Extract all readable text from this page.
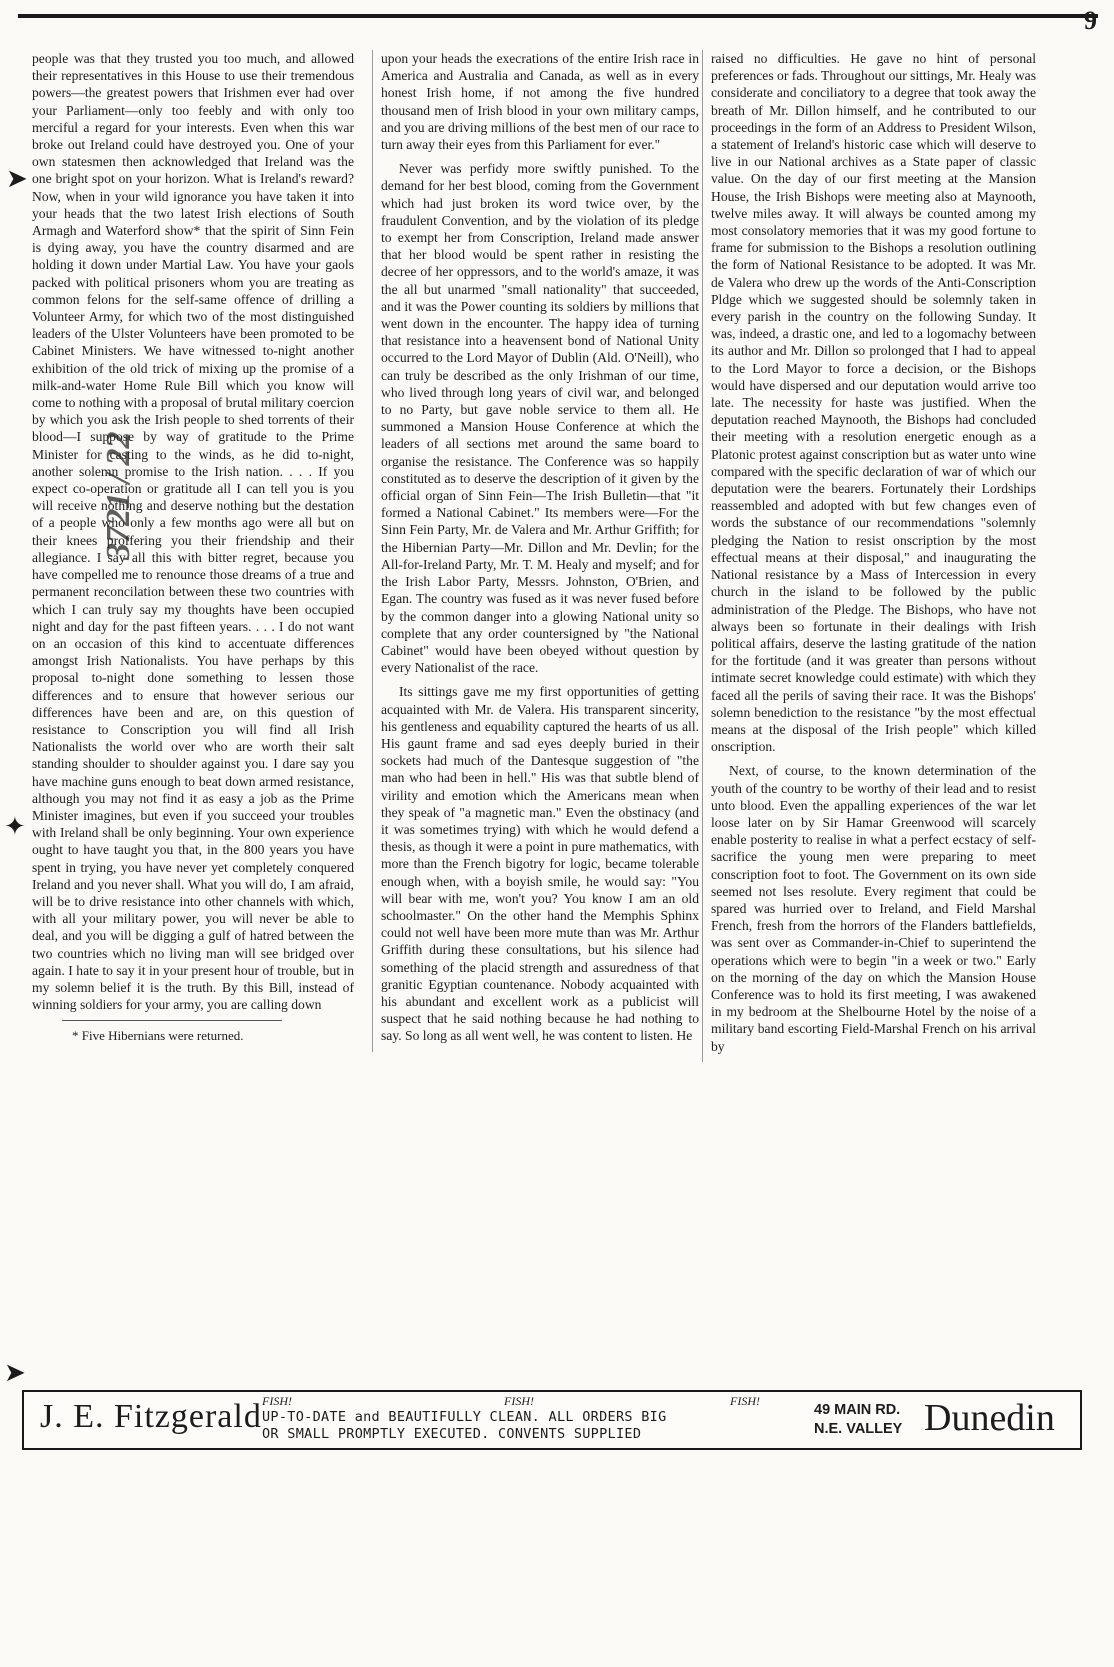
9

people was that they trusted you too much, and allowed their representatives in this House to use their tremendous powers—the greatest powers that Irishmen ever had over your Parliament—only too feebly and with only too merciful a regard for your interests. Even when this war broke out Ireland could have destroyed you. One of your own statesmen then acknowledged that Ireland was the one bright spot on your horizon. What is Ireland's reward? Now, when in your wild ignorance you have taken it into your heads that the two latest Irish elections of South Armagh and Waterford show* that the spirit of Sinn Fein is dying away, you have the country disarmed and are holding it down under Martial Law. You have your gaols packed with political prisoners whom you are treating as common felons for the self-same offence of drilling a Volunteer Army, for which two of the most distinguished leaders of the Ulster Volunteers have been promoted to be Cabinet Ministers. We have witnessed to-night another exhibition of the old trick of mixing up the promise of a milk-and-water Home Rule Bill which you know will come to nothing with a proposal of brutal military coercion by which you ask the Irish people to shed torrents of their blood—I suppose by way of gratitude to the Prime Minister for casting to the winds, as he did to-night, another solemn promise to the Irish nation. . . . If you expect co-operation or gratitude all I can tell you is you will receive nothing and deserve nothing but the destation of a people who only a few months ago were all but on their knees proffering you their friendship and their allegiance. I say all this with bitter regret, because you have compelled me to renounce those dreams of a true and permanent reconcilation between these two countries with which I can truly say my thoughts have been occupied night and day for the past fifteen years. . . . I do not want on an occasion of this kind to accentuate differences amongst Irish Nationalists. You have perhaps by this proposal to-night done something to lessen those differences and to ensure that however serious our differences have been and are, on this question of resistance to Conscription you will find all Irish Nationalists the world over who are worth their salt standing shoulder to shoulder against you. I dare say you have machine guns enough to beat down armed resistance, although you may not find it as easy a job as the Prime Minister imagines, but even if you succeed your troubles with Ireland shall be only beginning. Your own experience ought to have taught you that, in the 800 years you have spent in trying, you have never yet completely conquered Ireland and you never shall. What you will do, I am afraid, will be to drive resistance into other channels with which, with all your military power, you will never be able to deal, and you will be digging a gulf of hatred between the two countries which no living man will see bridged over again. I hate to say it in your present hour of trouble, but in my solemn belief it is the truth. By this Bill, instead of winning soldiers for your army, you are calling down

* Five Hibernians were returned.

upon your heads the execrations of the entire Irish race in America and Australia and Canada, as well as in every honest Irish home, if not among the five hundred thousand men of Irish blood in your own military camps, and you are driving millions of the best men of our race to turn away their eyes from this Parliament for ever."

Never was perfidy more swiftly punished. To the demand for her best blood, coming from the Government which had just broken its word twice over, by the fraudulent Convention, and by the violation of its pledge to exempt her from Conscription, Ireland made answer that her blood would be spent rather in resisting the decree of her oppressors, and to the world's amaze, it was the all but unarmed "small nationality" that succeeded, and it was the Power counting its soldiers by millions that went down in the encounter. The happy idea of turning that resistance into a heavensent bond of National Unity occurred to the Lord Mayor of Dublin (Ald. O'Neill), who can truly be described as the only Irishman of our time, who lived through long years of civil war, and belonged to no Party, but gave noble service to them all. He summoned a Mansion House Conference at which the leaders of all sections met around the same board to organise the resistance. The Conference was so happily constituted as to deserve the description of it given by the official organ of Sinn Fein—The Irish Bulletin—that "it formed a National Cabinet." Its members were—For the Sinn Fein Party, Mr. de Valera and Mr. Arthur Griffith; for the Hibernian Party—Mr. Dillon and Mr. Devlin; for the All-for-Ireland Party, Mr. T. M. Healy and myself; and for the Irish Labor Party, Messrs. Johnston, O'Brien, and Egan. The country was fused as it was never fused before by the common danger into a glowing National unity so complete that any order countersigned by "the National Cabinet" would have been obeyed without question by every Nationalist of the race.

Its sittings gave me my first opportunities of getting acquainted with Mr. de Valera. His transparent sincerity, his gentleness and equability captured the hearts of us all. His gaunt frame and sad eyes deeply buried in their sockets had much of the Dantesque suggestion of "the man who had been in hell." His was that subtle blend of virility and emotion which the Americans mean when they speak of "a magnetic man." Even the obstinacy (and it was sometimes trying) with which he would defend a thesis, as though it were a point in pure mathematics, with more than the French bigotry for logic, became tolerable enough when, with a boyish smile, he would say: "You will bear with me, won't you? You know I am an old schoolmaster." On the other hand the Memphis Sphinx could not well have been more mute than was Mr. Arthur Griffith during these consultations, but his silence had something of the placid strength and assuredness of that granitic Egyptian countenance. Nobody acquainted with his abundant and excellent work as a publicist will suspect that he said nothing because he had nothing to say. So long as all went well, he was content to listen. He

raised no difficulties. He gave no hint of personal preferences or fads. Throughout our sittings, Mr. Healy was considerate and conciliatory to a degree that took away the breath of Mr. Dillon himself, and he contributed to our proceedings in the form of an Address to President Wilson, a statement of Ireland's historic case which will deserve to live in our National archives as a State paper of classic value. On the day of our first meeting at the Mansion House, the Irish Bishops were meeting also at Maynooth, twelve miles away. It will always be counted among my most consolatory memories that it was my good fortune to frame for submission to the Bishops a resolution outlining the form of National Resistance to be adopted. It was Mr. de Valera who drew up the words of the Anti-Conscription Pldge which we suggested should be solemnly taken in every parish in the country on the following Sunday. It was, indeed, a drastic one, and led to a logomachy between its author and Mr. Dillon so prolonged that I had to appeal to the Lord Mayor to force a decision, or the Bishops would have dispersed and our deputation would arrive too late. The necessity for haste was justified. When the deputation reached Maynooth, the Bishops had concluded their meeting with a resolution energetic enough as a Platonic protest against conscription but as water unto wine compared with the specific declaration of war of which our deputation were the bearers. Fortunately their Lordships reassembled and adopted with but few changes even of words the substance of our recommendations "solemnly pledging the Nation to resist onscription by the most effectual means at their disposal," and inaugurating the National resistance by a Mass of Intercession in every church in the island to be followed by the public administration of the Pledge. The Bishops, who have not always been so fortunate in their dealings with Irish political affairs, deserve the lasting gratitude of the nation for the fortitude (and it was greater than persons without intimate secret knowledge could estimate) with which they faced all the perils of saving their race. It was the Bishops' solemn benediction to the resistance "by the most effectual means at the disposal of the Irish people" which killed onscription.

Next, of course, to the known determination of the youth of the country to be worthy of their lead and to resist unto blood. Even the appalling experiences of the war let loose later on by Sir Hamar Greenwood will scarcely enable posterity to realise in what a perfect ecstacy of self-sacrifice the young men were preparing to meet conscription foot to foot. The Government on its own side seemed not lses resolute. Every regiment that could be spared was hurried over to Ireland, and Field Marshal French, fresh from the horrors of the Flanders battlefields, was sent over as Commander-in-Chief to superintend the operations which were to begin "in a week or two." Early on the morning of the day on which the Mansion House Conference was to hold its first meeting, I was awakened in my bedroom at the Shelbourne Hotel by the noise of a military band escorting Field-Marshal French on his arrival by

➤
✦
➤
3721 / 22
J. E. Fitzgerald FISH!	FISH!	FISH!
UP-TO-DATE and BEAUTIFULLY CLEAN. ALL ORDERS BIG
OR SMALL PROMPTLY EXECUTED. CONVENTS SUPPLIED
49 MAIN RD.
N.E. VALLEY Dunedin
